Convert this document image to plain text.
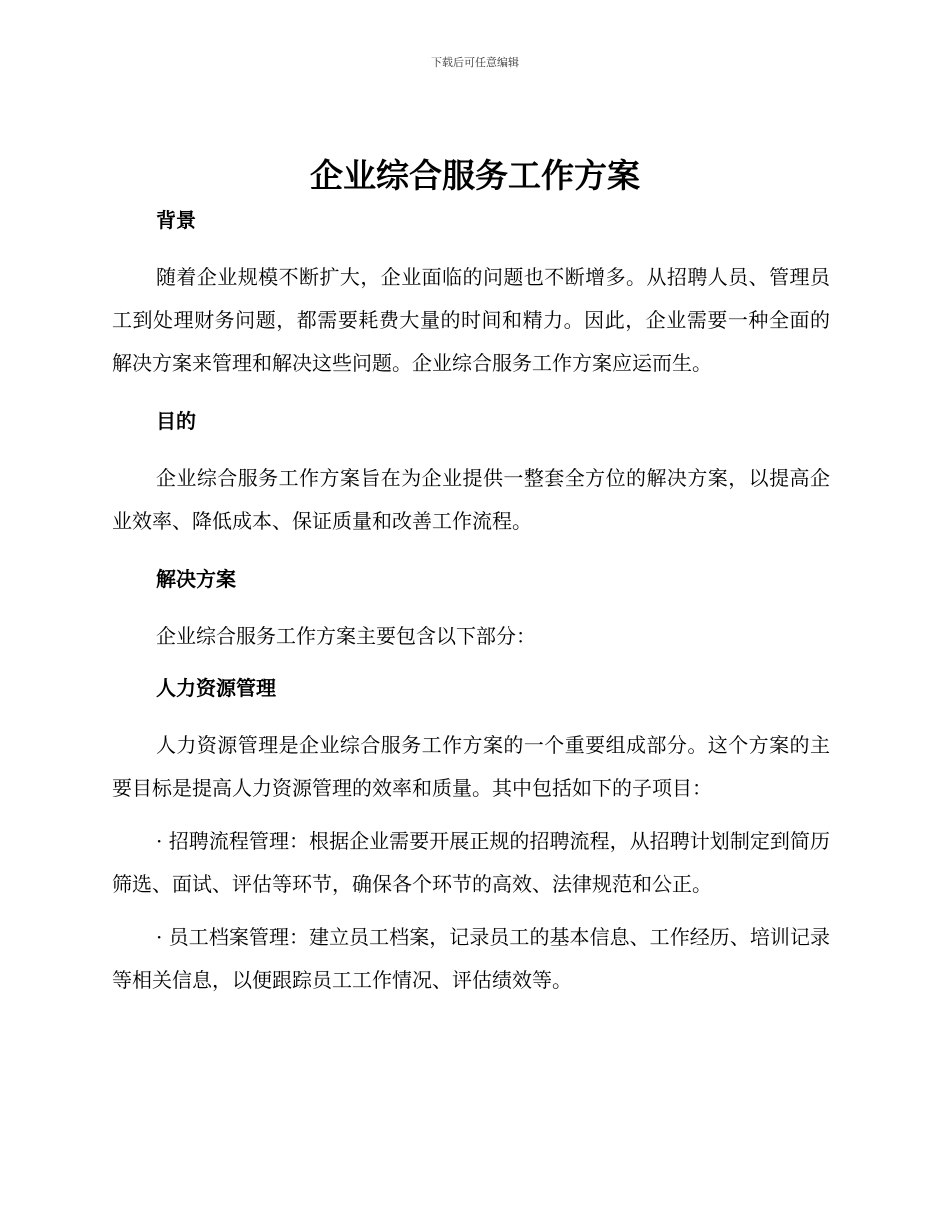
下载后可任意编辑
企业综合服务工作方案
背景

随着企业规模不断扩大，企业面临的问题也不断增多。从招聘人员、管理员工到处理财务问题，都需要耗费大量的时间和精力。因此，企业需要一种全面的解决方案来管理和解决这些问题。企业综合服务工作方案应运而生。

目的

企业综合服务工作方案旨在为企业提供一整套全方位的解决方案，以提高企业效率、降低成本、保证质量和改善工作流程。

解决方案

企业综合服务工作方案主要包含以下部分：

人力资源管理

人力资源管理是企业综合服务工作方案的一个重要组成部分。这个方案的主要目标是提高人力资源管理的效率和质量。其中包括如下的子项目：

· 招聘流程管理：根据企业需要开展正规的招聘流程，从招聘计划制定到简历筛选、面试、评估等环节，确保各个环节的高效、法律规范和公正。

· 员工档案管理：建立员工档案，记录员工的基本信息、工作经历、培训记录等相关信息，以便跟踪员工工作情况、评估绩效等。
